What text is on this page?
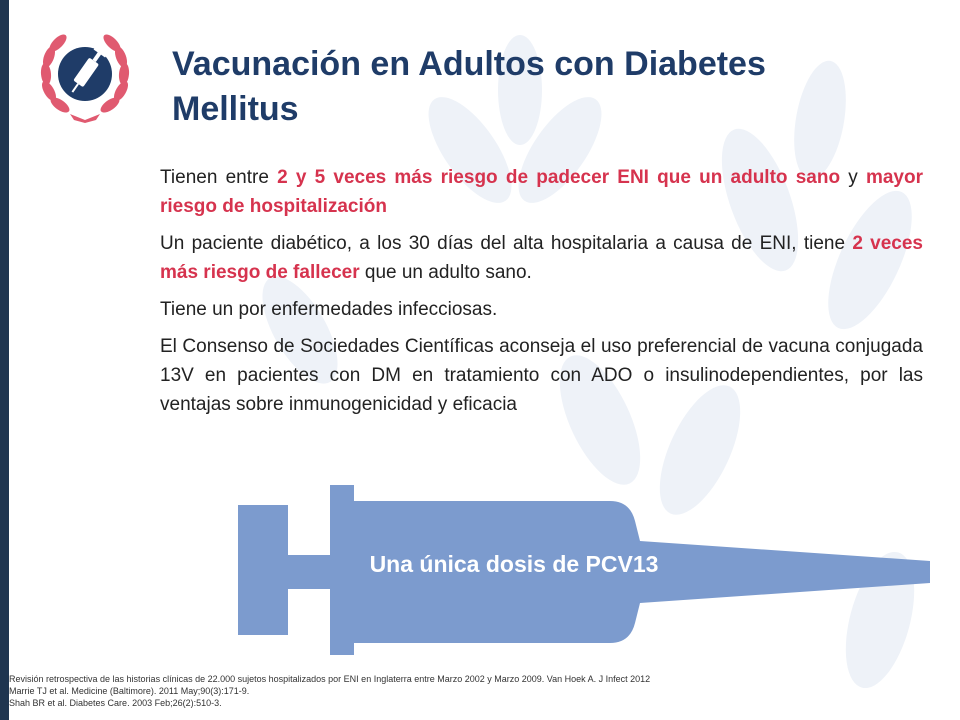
Vacunación en Adultos con Diabetes Mellitus

Tienen entre 2 y 5 veces más riesgo de padecer ENI que un adulto sano y mayor riesgo de hospitalización

Un paciente diabético, a los 30 días del alta hospitalaria a causa de ENI, tiene 2 veces más riesgo de fallecer que un adulto sano.

Tiene un por enfermedades infecciosas.

El Consenso de Sociedades Científicas aconseja el uso preferencial de vacuna conjugada 13V en pacientes con DM en tratamiento con ADO o insulinodependientes, por las ventajas sobre inmunogenicidad y eficacia

Una única dosis de PCV13
Revisión retrospectiva de las historias clínicas de 22.000 sujetos hospitalizados por ENI en Inglaterra entre Marzo 2002 y Marzo 2009. Van Hoek A. J Infect 2012
Marrie TJ et al. Medicine (Baltimore). 2011 May;90(3):171-9.
Shah BR et al. Diabetes Care. 2003 Feb;26(2):510-3.
